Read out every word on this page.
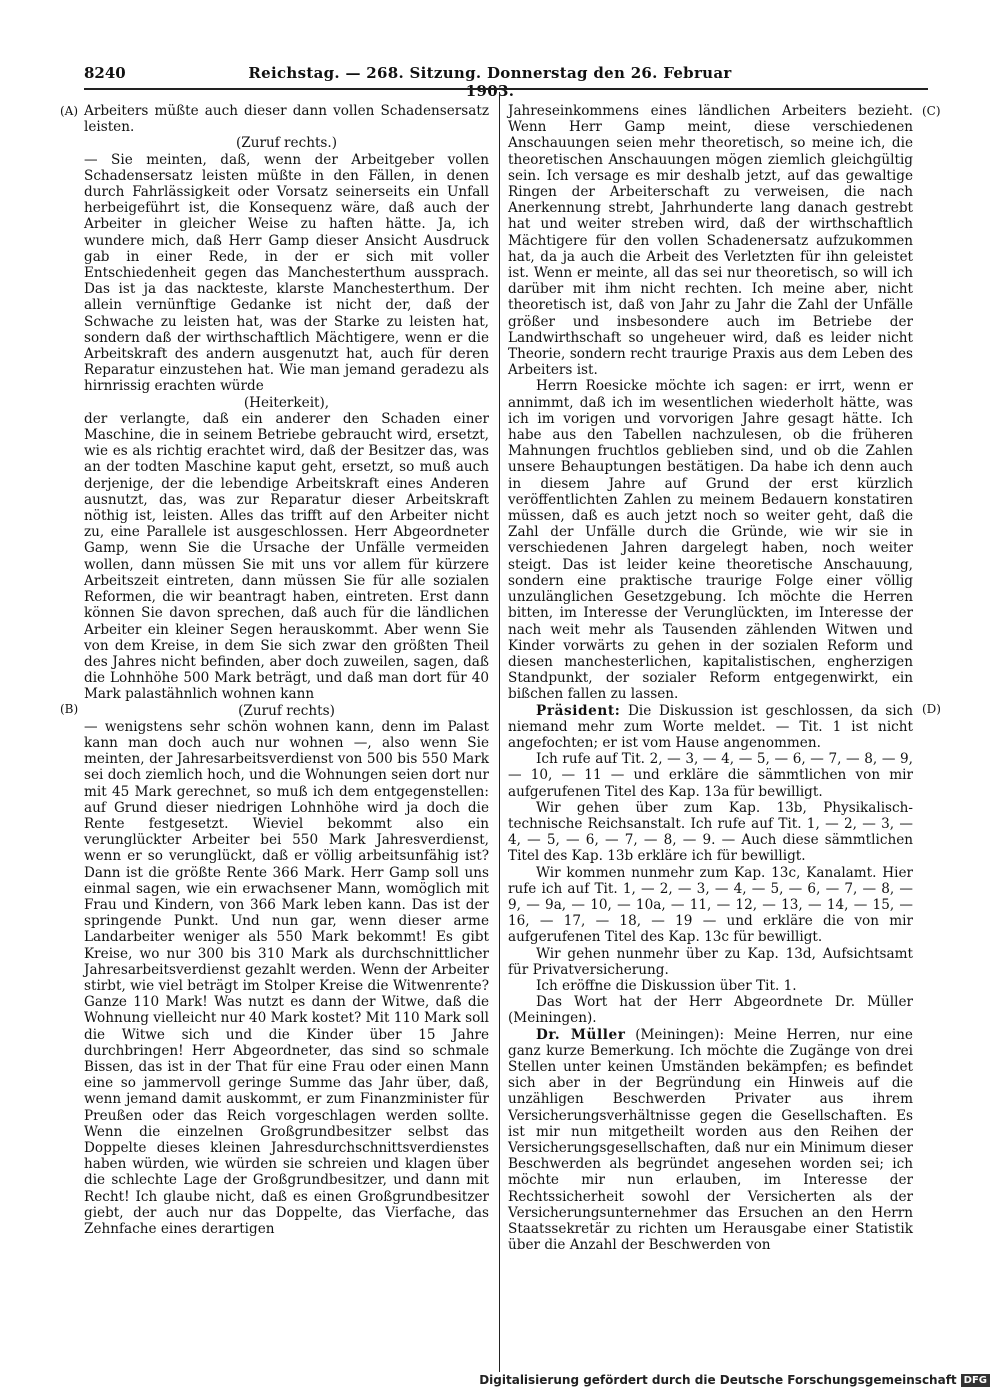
8240	Reichstag. — 268. Sitzung. Donnerstag den 26. Februar 1903.
(A)
(B)
(C)
(D)

Arbeiters müßte auch dieser dann vollen Schadensersatz leisten.

(Zuruf rechts.)

— Sie meinten, daß, wenn der Arbeitgeber vollen Schadensersatz leisten müßte in den Fällen, in denen durch Fahrlässigkeit oder Vorsatz seinerseits ein Unfall herbeigeführt ist, die Konsequenz wäre, daß auch der Arbeiter in gleicher Weise zu haften hätte. Ja, ich wundere mich, daß Herr Gamp dieser Ansicht Ausdruck gab in einer Rede, in der er sich mit voller Entschiedenheit gegen das Manchesterthum aussprach. Das ist ja das nackteste, klarste Manchesterthum. Der allein vernünftige Gedanke ist nicht der, daß der Schwache zu leisten hat, was der Starke zu leisten hat, sondern daß der wirthschaftlich Mächtigere, wenn er die Arbeitskraft des andern ausgenutzt hat, auch für deren Reparatur einzustehen hat. Wie man jemand geradezu als hirnrissig erachten würde

(Heiterkeit),

der verlangte, daß ein anderer den Schaden einer Maschine, die in seinem Betriebe gebraucht wird, ersetzt, wie es als richtig erachtet wird, daß der Besitzer das, was an der todten Maschine kaput geht, ersetzt, so muß auch derjenige, der die lebendige Arbeitskraft eines Anderen ausnutzt, das, was zur Reparatur dieser Arbeitskraft nöthig ist, leisten. Alles das trifft auf den Arbeiter nicht zu, eine Parallele ist ausgeschlossen. Herr Abgeordneter Gamp, wenn Sie die Ursache der Unfälle vermeiden wollen, dann müssen Sie mit uns vor allem für kürzere Arbeitszeit eintreten, dann müssen Sie für alle sozialen Reformen, die wir beantragt haben, eintreten. Erst dann können Sie davon sprechen, daß auch für die ländlichen Arbeiter ein kleiner Segen herauskommt. Aber wenn Sie von dem Kreise, in dem Sie sich zwar den größten Theil des Jahres nicht befinden, aber doch zuweilen, sagen, daß die Lohnhöhe 500 Mark beträgt, und daß man dort für 40 Mark palastähnlich wohnen kann

(Zuruf rechts)

— wenigstens sehr schön wohnen kann, denn im Palast kann man doch auch nur wohnen —, also wenn Sie meinten, der Jahresarbeitsverdienst von 500 bis 550 Mark sei doch ziemlich hoch, und die Wohnungen seien dort nur mit 45 Mark gerechnet, so muß ich dem entgegenstellen: auf Grund dieser niedrigen Lohnhöhe wird ja doch die Rente festgesetzt. Wieviel bekommt also ein verunglückter Arbeiter bei 550 Mark Jahresverdienst, wenn er so verunglückt, daß er völlig arbeitsunfähig ist? Dann ist die größte Rente 366 Mark. Herr Gamp soll uns einmal sagen, wie ein erwachsener Mann, womöglich mit Frau und Kindern, von 366 Mark leben kann. Das ist der springende Punkt. Und nun gar, wenn dieser arme Landarbeiter weniger als 550 Mark bekommt! Es gibt Kreise, wo nur 300 bis 310 Mark als durchschnittlicher Jahresarbeitsverdienst gezahlt werden. Wenn der Arbeiter stirbt, wie viel beträgt im Stolper Kreise die Witwenrente? Ganze 110 Mark! Was nutzt es dann der Witwe, daß die Wohnung vielleicht nur 40 Mark kostet? Mit 110 Mark soll die Witwe sich und die Kinder über 15 Jahre durchbringen! Herr Abgeordneter, das sind so schmale Bissen, das ist in der That für eine Frau oder einen Mann eine so jammervoll geringe Summe das Jahr über, daß, wenn jemand damit auskommt, er zum Finanzminister für Preußen oder das Reich vorgeschlagen werden sollte. Wenn die einzelnen Großgrundbesitzer selbst das Doppelte dieses kleinen Jahresdurchschnittsverdienstes haben würden, wie würden sie schreien und klagen über die schlechte Lage der Großgrundbesitzer, und dann mit Recht! Ich glaube nicht, daß es einen Großgrundbesitzer giebt, der auch nur das Doppelte, das Vierfache, das Zehnfache eines derartigen

Jahreseinkommens eines ländlichen Arbeiters bezieht. Wenn Herr Gamp meint, diese verschiedenen Anschauungen seien mehr theoretisch, so meine ich, die theoretischen Anschauungen mögen ziemlich gleichgültig sein. Ich versage es mir deshalb jetzt, auf das gewaltige Ringen der Arbeiterschaft zu verweisen, die nach Anerkennung strebt, Jahrhunderte lang danach gestrebt hat und weiter streben wird, daß der wirthschaftlich Mächtigere für den vollen Schadenersatz aufzukommen hat, da ja auch die Arbeit des Verletzten für ihn geleistet ist. Wenn er meinte, all das sei nur theoretisch, so will ich darüber mit ihm nicht rechten. Ich meine aber, nicht theoretisch ist, daß von Jahr zu Jahr die Zahl der Unfälle größer und insbesondere auch im Betriebe der Landwirthschaft so ungeheuer wird, daß es leider nicht Theorie, sondern recht traurige Praxis aus dem Leben des Arbeiters ist.

Herrn Roesicke möchte ich sagen: er irrt, wenn er annimmt, daß ich im wesentlichen wiederholt hätte, was ich im vorigen und vorvorigen Jahre gesagt hätte. Ich habe aus den Tabellen nachzulesen, ob die früheren Mahnungen fruchtlos geblieben sind, und ob die Zahlen unsere Behauptungen bestätigen. Da habe ich denn auch in diesem Jahre auf Grund der erst kürzlich veröffentlichten Zahlen zu meinem Bedauern konstatiren müssen, daß es auch jetzt noch so weiter geht, daß die Zahl der Unfälle durch die Gründe, wie wir sie in verschiedenen Jahren dargelegt haben, noch weiter steigt. Das ist leider keine theoretische Anschauung, sondern eine praktische traurige Folge einer völlig unzulänglichen Gesetzgebung. Ich möchte die Herren bitten, im Interesse der Verunglückten, im Interesse der nach weit mehr als Tausenden zählenden Witwen und Kinder vorwärts zu gehen in der sozialen Reform und diesen manchesterlichen, kapitalistischen, engherzigen Standpunkt, der sozialer Reform entgegenwirkt, ein bißchen fallen zu lassen.

Präsident: Die Diskussion ist geschlossen, da sich niemand mehr zum Worte meldet. — Tit. 1 ist nicht angefochten; er ist vom Hause angenommen.

Ich rufe auf Tit. 2, — 3, — 4, — 5, — 6, — 7, — 8, — 9, — 10, — 11 — und erkläre die sämmtlichen von mir aufgerufenen Titel des Kap. 13a für bewilligt.

Wir gehen über zum Kap. 13b, Physikalisch-technische Reichsanstalt. Ich rufe auf Tit. 1, — 2, — 3, — 4, — 5, — 6, — 7, — 8, — 9. — Auch diese sämmtlichen Titel des Kap. 13b erkläre ich für bewilligt.

Wir kommen nunmehr zum Kap. 13c, Kanalamt. Hier rufe ich auf Tit. 1, — 2, — 3, — 4, — 5, — 6, — 7, — 8, — 9, — 9a, — 10, — 10a, — 11, — 12, — 13, — 14, — 15, — 16, — 17, — 18, — 19 — und erkläre die von mir aufgerufenen Titel des Kap. 13c für bewilligt.

Wir gehen nunmehr über zu Kap. 13d, Aufsichtsamt für Privatversicherung.

Ich eröffne die Diskussion über Tit. 1.

Das Wort hat der Herr Abgeordnete Dr. Müller (Meiningen).

Dr. Müller (Meiningen): Meine Herren, nur eine ganz kurze Bemerkung. Ich möchte die Zugänge von drei Stellen unter keinen Umständen bekämpfen; es befindet sich aber in der Begründung ein Hinweis auf die unzähligen Beschwerden Privater aus ihrem Versicherungsverhältnisse gegen die Gesellschaften. Es ist mir nun mitgetheilt worden aus den Reihen der Versicherungsgesellschaften, daß nur ein Minimum dieser Beschwerden als begründet angesehen worden sei; ich möchte mir nun erlauben, im Interesse der Rechtssicherheit sowohl der Versicherten als der Versicherungsunternehmer das Ersuchen an den Herrn Staatssekretär zu richten um Herausgabe einer Statistik über die Anzahl der Beschwerden von

Digitalisierung gefördert durch die Deutsche Forschungsgemeinschaft DFG
